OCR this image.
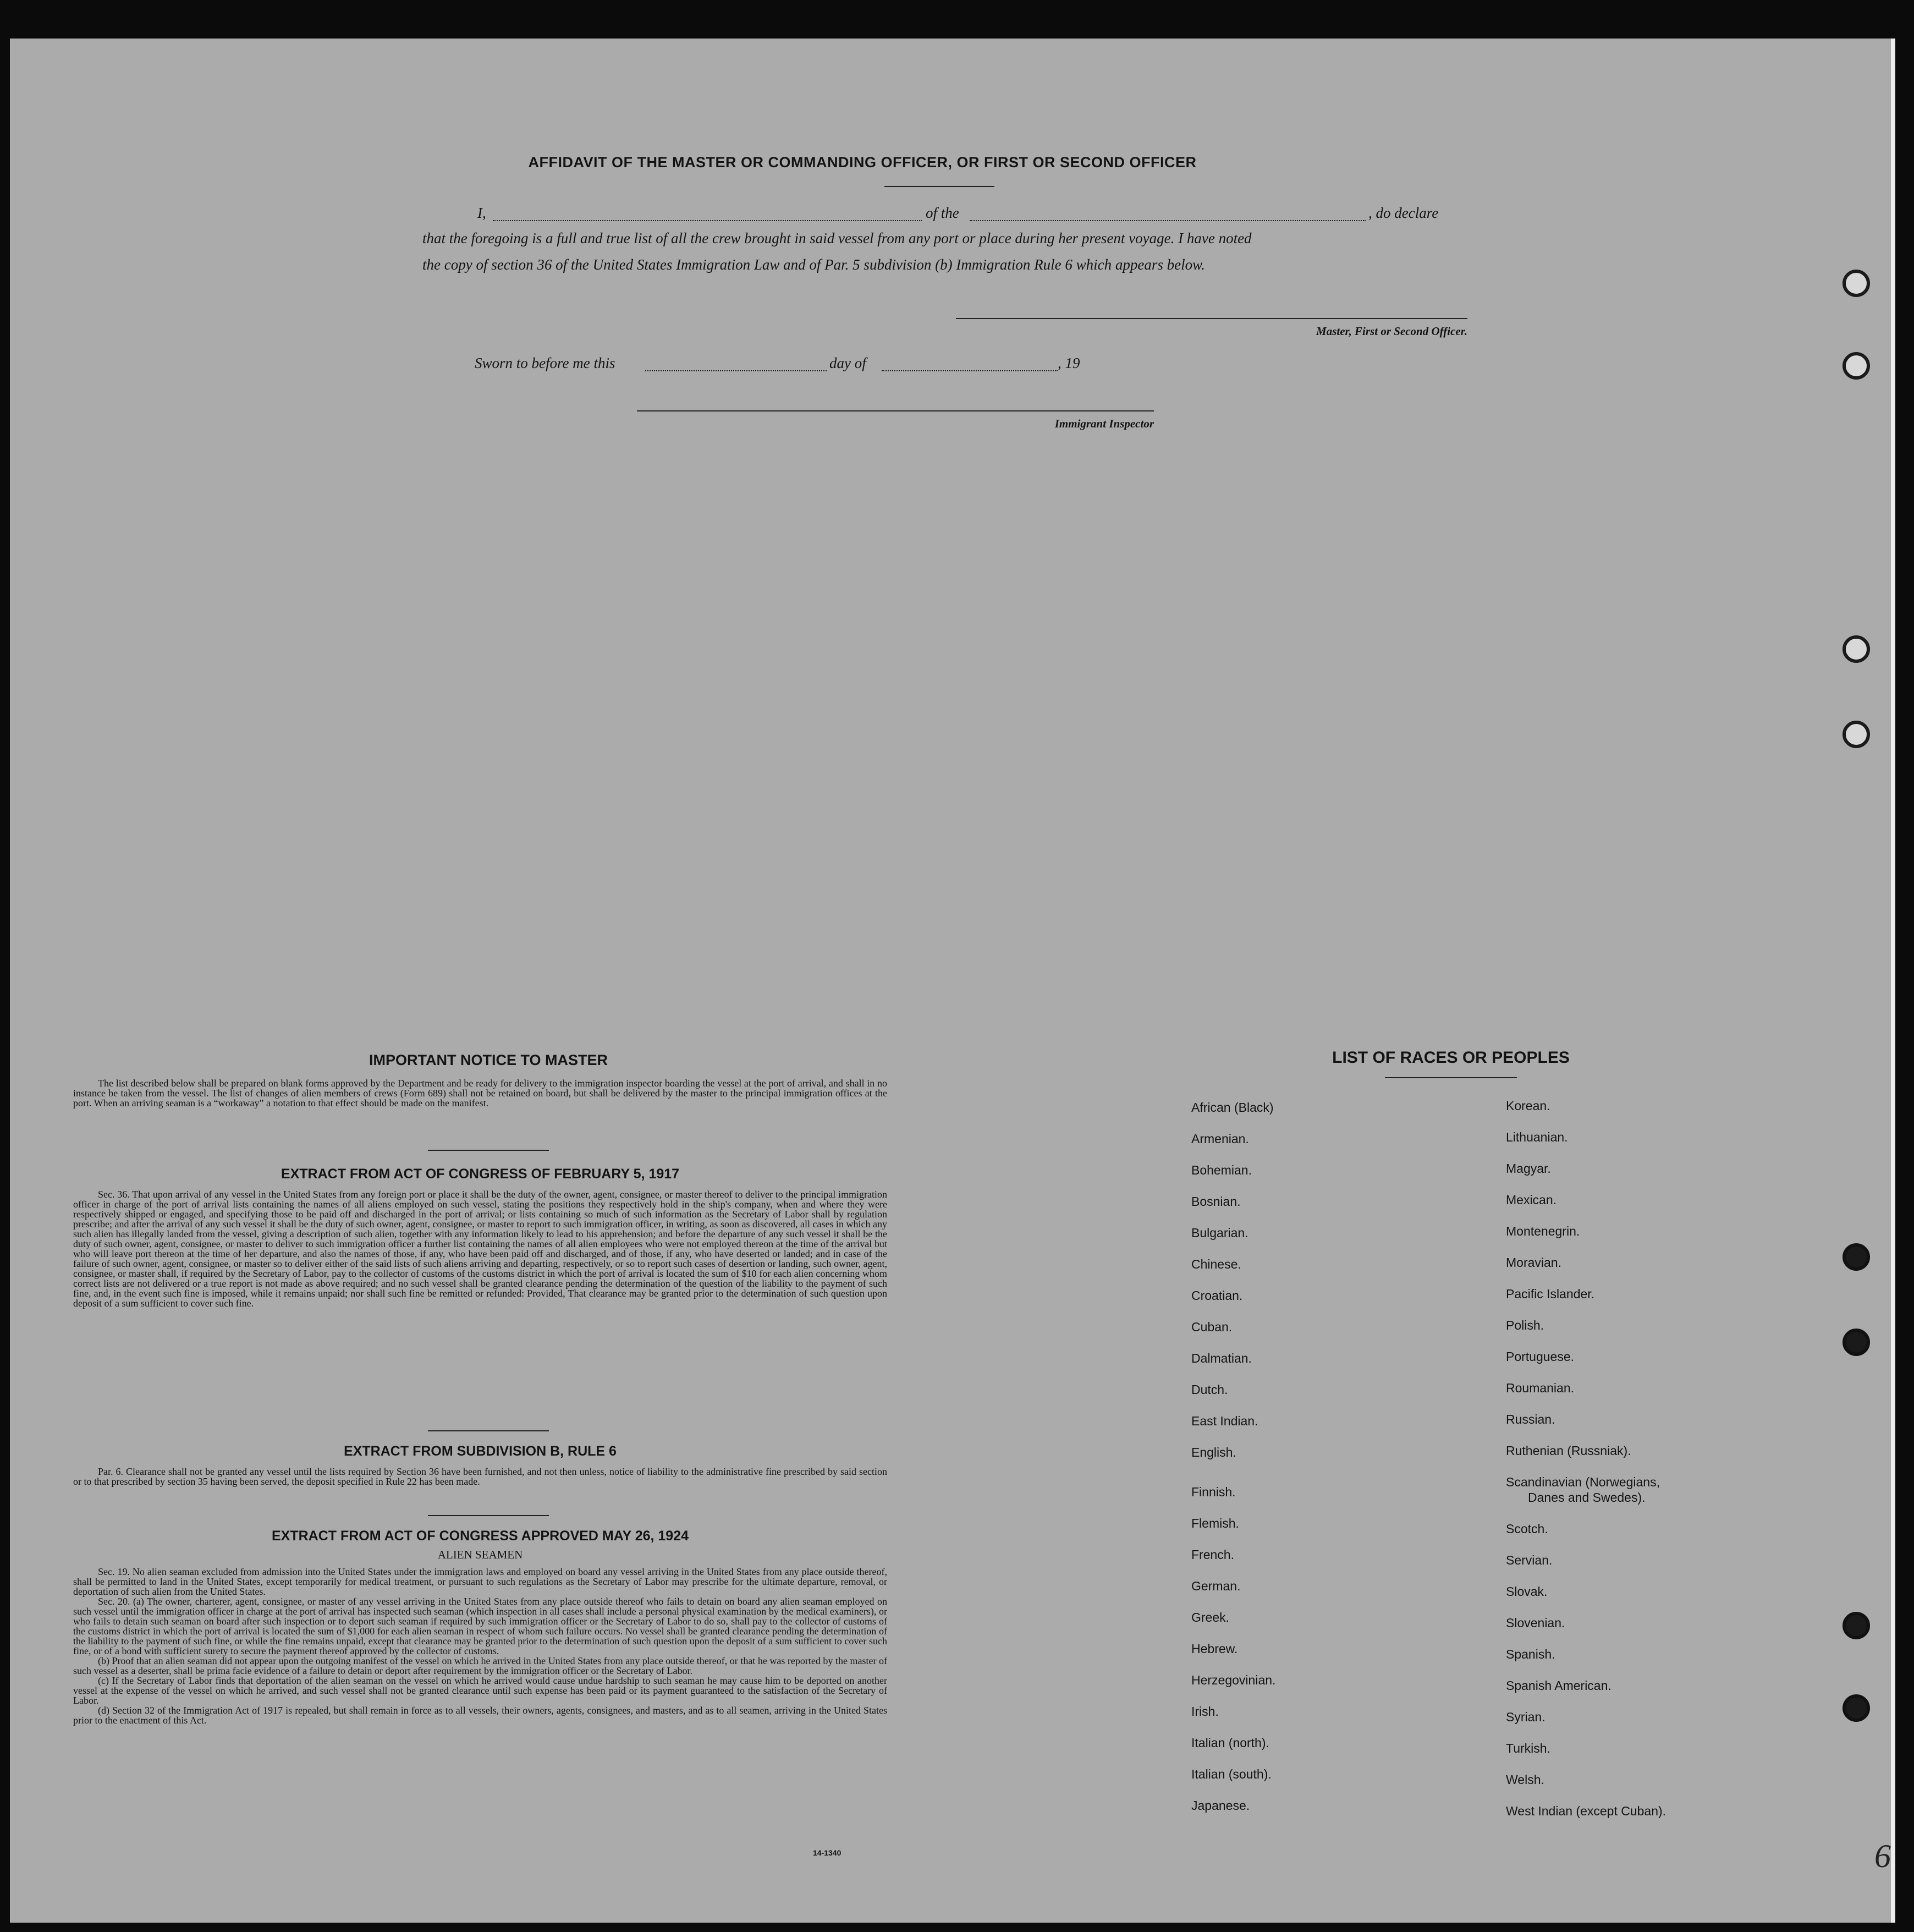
AFFIDAVIT OF THE MASTER OR COMMANDING OFFICER, OR FIRST OR SECOND OFFICER
I,	of the	, do declare
that the foregoing is a full and true list of all the crew brought in said vessel from any port or place during her present voyage. I have noted
the copy of section 36 of the United States Immigration Law and of Par. 5 subdivision (b) Immigration Rule 6 which appears below.
Master, First or Second Officer.
Sworn to before me this	day of	, 19
Immigrant Inspector
IMPORTANT NOTICE TO MASTER
The list described below shall be prepared on blank forms approved by the Department and be ready for delivery to the immigration inspector boarding the vessel at the port of arrival, and shall in no instance be taken from the vessel. The list of changes of alien members of crews (Form 689) shall not be retained on board, but shall be delivered by the master to the principal immigration offices at the port. When an arriving seaman is a “workaway” a notation to that effect should be made on the manifest.
EXTRACT FROM ACT OF CONGRESS OF FEBRUARY 5, 1917
Sec. 36. That upon arrival of any vessel in the United States from any foreign port or place it shall be the duty of the owner, agent, consignee, or master thereof to deliver to the principal immigration officer in charge of the port of arrival lists containing the names of all aliens employed on such vessel, stating the positions they respectively hold in the ship's company, when and where they were respectively shipped or engaged, and specifying those to be paid off and discharged in the port of arrival; or lists containing so much of such information as the Secretary of Labor shall by regulation prescribe; and after the arrival of any such vessel it shall be the duty of such owner, agent, consignee, or master to report to such immigration officer, in writing, as soon as discovered, all cases in which any such alien has illegally landed from the vessel, giving a description of such alien, together with any information likely to lead to his apprehension; and before the departure of any such vessel it shall be the duty of such owner, agent, consignee, or master to deliver to such immigration officer a further list containing the names of all alien employees who were not employed thereon at the time of the arrival but who will leave port thereon at the time of her departure, and also the names of those, if any, who have been paid off and discharged, and of those, if any, who have deserted or landed; and in case of the failure of such owner, agent, consignee, or master so to deliver either of the said lists of such aliens arriving and departing, respectively, or so to report such cases of desertion or landing, such owner, agent, consignee, or master shall, if required by the Secretary of Labor, pay to the collector of customs of the customs district in which the port of arrival is located the sum of $10 for each alien concerning whom correct lists are not delivered or a true report is not made as above required; and no such vessel shall be granted clearance pending the determination of the question of the liability to the payment of such fine, and, in the event such fine is imposed, while it remains unpaid; nor shall such fine be remitted or refunded: Provided, That clearance may be granted prior to the determination of such question upon deposit of a sum sufficient to cover such fine.
EXTRACT FROM SUBDIVISION B, RULE 6
Par. 6. Clearance shall not be granted any vessel until the lists required by Section 36 have been furnished, and not then unless, notice of liability to the administrative fine prescribed by said section or to that prescribed by section 35 having been served, the deposit specified in Rule 22 has been made.
EXTRACT FROM ACT OF CONGRESS APPROVED MAY 26, 1924
ALIEN SEAMEN
Sec. 19. No alien seaman excluded from admission into the United States under the immigration laws and employed on board any vessel arriving in the United States from any place outside thereof, shall be permitted to land in the United States, except temporarily for medical treatment, or pursuant to such regulations as the Secretary of Labor may prescribe for the ultimate departure, removal, or deportation of such alien from the United States.
Sec. 20. (a) The owner, charterer, agent, consignee, or master of any vessel arriving in the United States from any place outside thereof who fails to detain on board any alien seaman employed on such vessel until the immigration officer in charge at the port of arrival has inspected such seaman (which inspection in all cases shall include a personal physical examination by the medical examiners), or who fails to detain such seaman on board after such inspection or to deport such seaman if required by such immigration officer or the Secretary of Labor to do so, shall pay to the collector of customs of the customs district in which the port of arrival is located the sum of $1,000 for each alien seaman in respect of whom such failure occurs. No vessel shall be granted clearance pending the determination of the liability to the payment of such fine, or while the fine remains unpaid, except that clearance may be granted prior to the determination of such question upon the deposit of a sum sufficient to cover such fine, or of a bond with sufficient surety to secure the payment thereof approved by the collector of customs.
(b) Proof that an alien seaman did not appear upon the outgoing manifest of the vessel on which he arrived in the United States from any place outside thereof, or that he was reported by the master of such vessel as a deserter, shall be prima facie evidence of a failure to detain or deport after requirement by the immigration officer or the Secretary of Labor.
(c) If the Secretary of Labor finds that deportation of the alien seaman on the vessel on which he arrived would cause undue hardship to such seaman he may cause him to be deported on another vessel at the expense of the vessel on which he arrived, and such vessel shall not be granted clearance until such expense has been paid or its payment guaranteed to the satisfaction of the Secretary of Labor.
(d) Section 32 of the Immigration Act of 1917 is repealed, but shall remain in force as to all vessels, their owners, agents, consignees, and masters, and as to all seamen, arriving in the United States prior to the enactment of this Act.
14-1340
LIST OF RACES OR PEOPLES
6
African (Black)
Armenian.
Bohemian.
Bosnian.
Bulgarian.
Chinese.
Croatian.
Cuban.
Dalmatian.
Dutch.
East Indian.
English.
Finnish.
Flemish.
French.
German.
Greek.
Hebrew.
Herzegovinian.
Irish.
Italian (north).
Italian (south).
Japanese.
Korean.
Lithuanian.
Magyar.
Mexican.
Montenegrin.
Moravian.
Pacific Islander.
Polish.
Portuguese.
Roumanian.
Russian.
Ruthenian (Russniak).
Scandinavian (Norwegians,
Danes and Swedes).
Scotch.
Servian.
Slovak.
Slovenian.
Spanish.
Spanish American.
Syrian.
Turkish.
Welsh.
West Indian (except Cuban).
